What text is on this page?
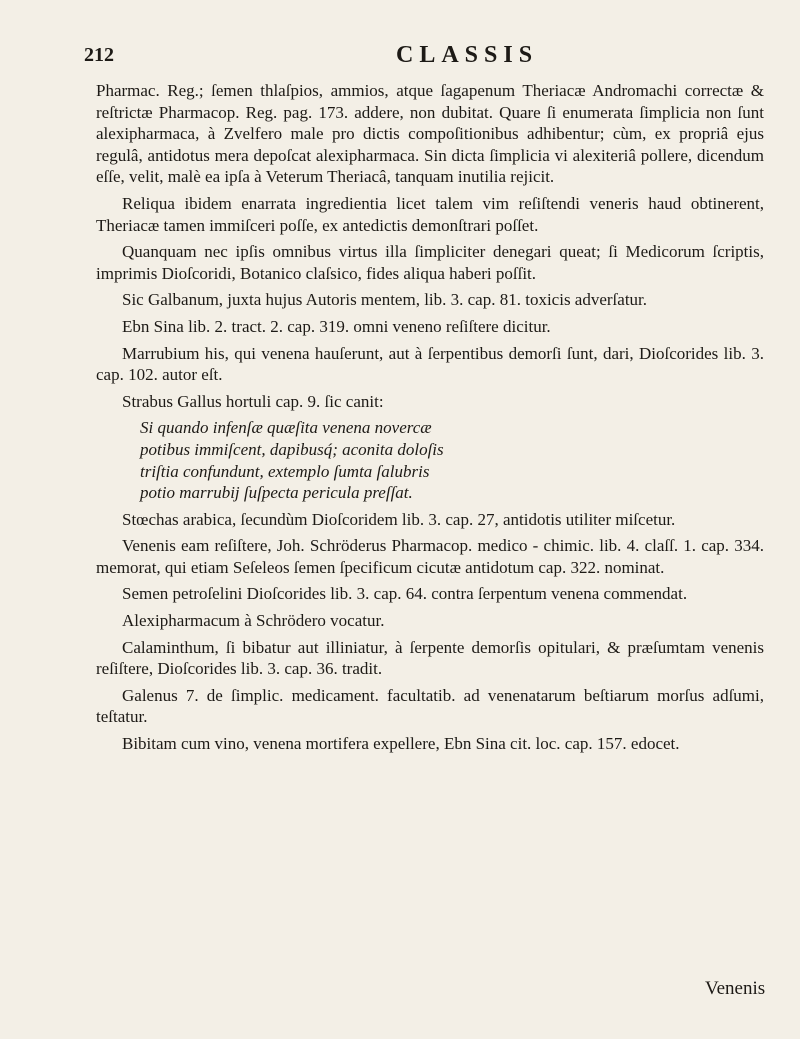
212	CLASSIS

Pharmac. Reg.; ſemen thlaſpios, ammios, atque ſagapenum Theriacæ Andromachi correctæ & reſtrictæ Pharmacop. Reg. pag. 173. addere, non dubitat. Quare ſi enumerata ſimplicia non ſunt alexipharmaca, à Zvelfero male pro dictis compoſitionibus adhibentur; cùm, ex propriâ ejus regulâ, antidotus mera depoſcat alexipharmaca. Sin dicta ſimplicia vi alexiteriâ pollere, dicendum eſſe, velit, malè ea ipſa à Veterum Theriacâ, tanquam inutilia rejicit.

Reliqua ibidem enarrata ingredientia licet talem vim reſiſtendi veneris haud obtinerent, Theriacæ tamen immiſceri poſſe, ex antedictis demonſtrari poſſet.

Quanquam nec ipſis omnibus virtus illa ſimpliciter denegari queat; ſi Medicorum ſcriptis, imprimis Dioſcoridi, Botanico claſsico, fides aliqua haberi poſſit.

Sic Galbanum, juxta hujus Autoris mentem, lib. 3. cap. 81. toxicis adverſatur.

Ebn Sina lib. 2. tract. 2. cap. 319. omni veneno reſiſtere dicitur.

Marrubium his, qui venena hauſerunt, aut à ſerpentibus demorſi ſunt, dari, Dioſcorides lib. 3. cap. 102. autor eſt.

Strabus Gallus hortuli cap. 9. ſic canit:

Si quando infenſæ quæſita venena novercæ
potibus immiſcent, dapibusq́; aconita doloſis
triſtia confundunt, extemplo ſumta ſalubris
potio marrubij ſuſpecta pericula preſſat.

Stœchas arabica, ſecundùm Dioſcoridem lib. 3. cap. 27, antidotis utiliter miſcetur.

Venenis eam reſiſtere, Joh. Schröderus Pharmacop. medico - chimic. lib. 4. claſſ. 1. cap. 334. memorat, qui etiam Seſeleos ſemen ſpecificum cicutæ antidotum cap. 322. nominat.

Semen petroſelini Dioſcorides lib. 3. cap. 64. contra ſerpentum venena commendat.

Alexipharmacum à Schrödero vocatur.

Calaminthum, ſi bibatur aut illiniatur, à ſerpente demorſis opitulari, & præſumtam venenis reſiſtere, Dioſcorides lib. 3. cap. 36. tradit.

Galenus 7. de ſimplic. medicament. facultatib. ad venenatarum beſtiarum morſus adſumi, teſtatur.

Bibitam cum vino, venena mortifera expellere, Ebn Sina cit. loc. cap. 157. edocet.

Venenis
